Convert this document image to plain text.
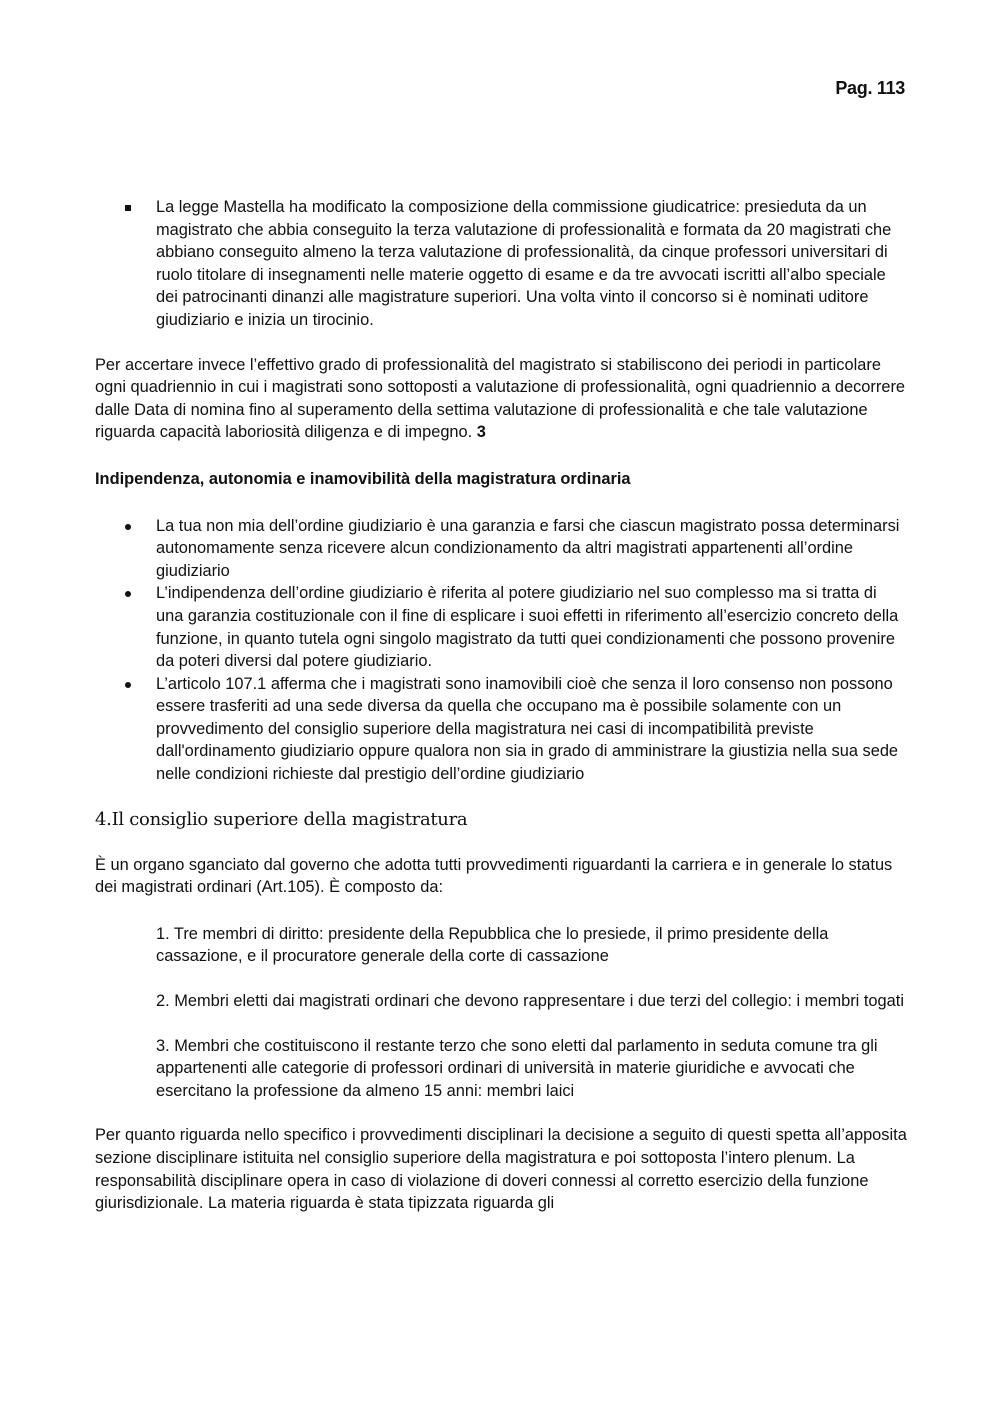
Pag. 113
La legge Mastella ha modificato la composizione della commissione giudicatrice: presieduta da un magistrato che abbia conseguito la terza valutazione di professionalità e formata da 20 magistrati che abbiano conseguito almeno la terza valutazione di professionalità, da cinque professori universitari di ruolo titolare di insegnamenti nelle materie oggetto di esame e da tre avvocati iscritti all’albo speciale dei patrocinanti dinanzi alle magistrature superiori. Una volta vinto il concorso si è nominati uditore giudiziario e inizia un tirocinio.

Per accertare invece l’effettivo grado di professionalità del magistrato si stabiliscono dei periodi in particolare ogni quadriennio in cui i magistrati sono sottoposti a valutazione di professionalità, ogni quadriennio a decorrere dalle Data di nomina fino al superamento della settima valutazione di professionalità e che tale valutazione riguarda capacità laboriosità diligenza e di impegno. 3

Indipendenza, autonomia e inamovibilità della magistratura ordinaria

La tua non mia dell’ordine giudiziario è una garanzia e farsi che ciascun magistrato possa determinarsi autonomamente senza ricevere alcun condizionamento da altri magistrati appartenenti all’ordine giudiziario
L’indipendenza dell’ordine giudiziario è riferita al potere giudiziario nel suo complesso ma si tratta di una garanzia costituzionale con il fine di esplicare i suoi effetti in riferimento all’esercizio concreto della funzione, in quanto tutela ogni singolo magistrato da tutti quei condizionamenti che possono provenire da poteri diversi dal potere giudiziario.
L’articolo 107.1 afferma che i magistrati sono inamovibili cioè che senza il loro consenso non possono essere trasferiti ad una sede diversa da quella che occupano ma è possibile solamente con un provvedimento del consiglio superiore della magistratura nei casi di incompatibilità previste dall'ordinamento giudiziario oppure qualora non sia in grado di amministrare la giustizia nella sua sede nelle condizioni richieste dal prestigio dell’ordine giudiziario

4.Il consiglio superiore della magistratura

È un organo sganciato dal governo che adotta tutti provvedimenti riguardanti la carriera e in generale lo status dei magistrati ordinari (Art.105). È composto da:

1. Tre membri di diritto: presidente della Repubblica che lo presiede, il primo presidente della cassazione, e il procuratore generale della corte di cassazione
2. Membri eletti dai magistrati ordinari che devono rappresentare i due terzi del collegio: i membri togati
3. Membri che costituiscono il restante terzo che sono eletti dal parlamento in seduta comune tra gli appartenenti alle categorie di professori ordinari di università in materie giuridiche e avvocati che esercitano la professione da almeno 15 anni: membri laici

Per quanto riguarda nello specifico i provvedimenti disciplinari la decisione a seguito di questi spetta all’apposita sezione disciplinare istituita nel consiglio superiore della magistratura e poi sottoposta l’intero plenum. La responsabilità disciplinare opera in caso di violazione di doveri connessi al corretto esercizio della funzione giurisdizionale. La materia riguarda è stata tipizzata riguarda gli
